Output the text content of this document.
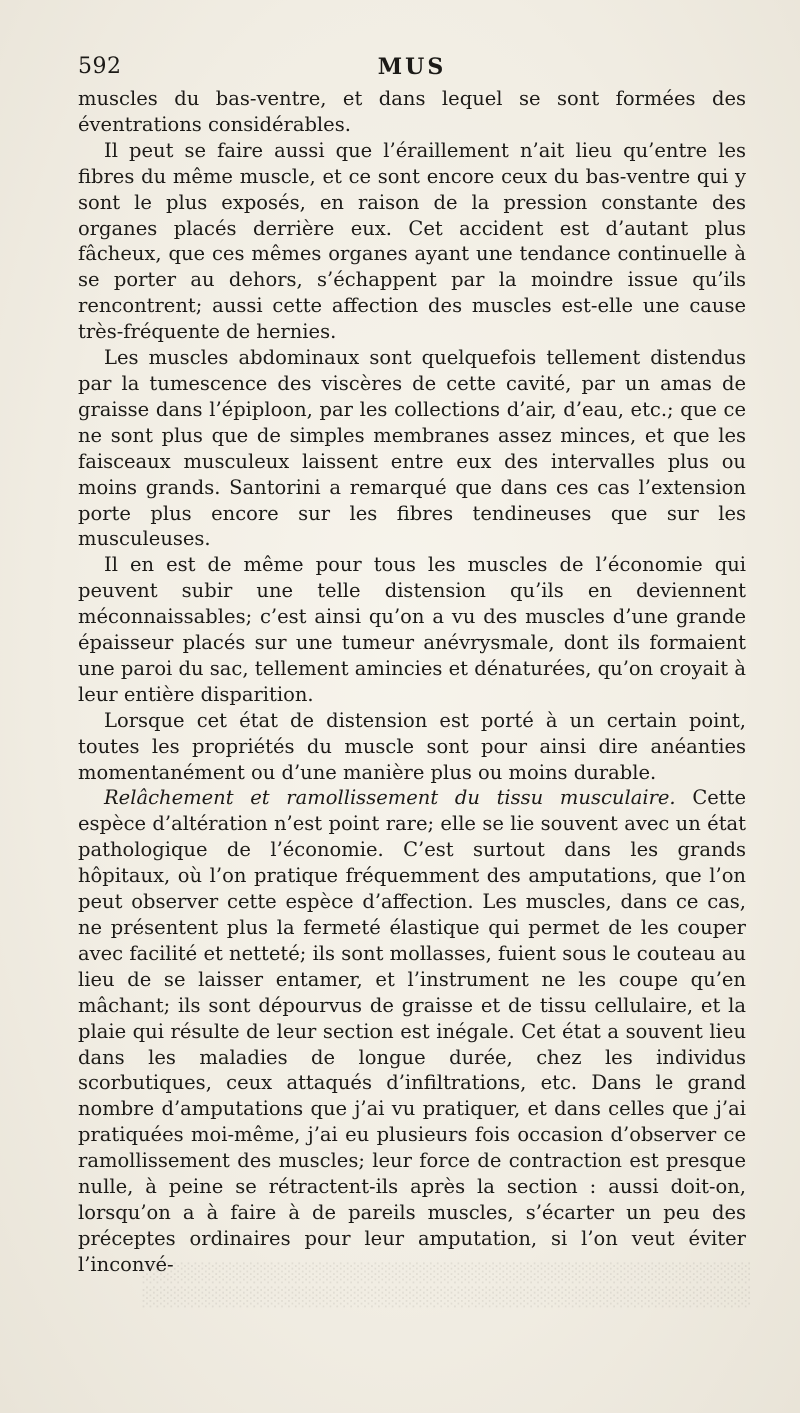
592	MUS

muscles du bas-ventre, et dans lequel se sont formées des éventrations considérables.

Il peut se faire aussi que l’éraillement n’ait lieu qu’entre les fibres du même muscle, et ce sont encore ceux du bas-ventre qui y sont le plus exposés, en raison de la pression constante des organes placés derrière eux. Cet accident est d’autant plus fâcheux, que ces mêmes organes ayant une tendance continuelle à se porter au dehors, s’échappent par la moindre issue qu’ils rencontrent; aussi cette affection des muscles est-elle une cause très-fréquente de hernies.

Les muscles abdominaux sont quelquefois tellement distendus par la tumescence des viscères de cette cavité, par un amas de graisse dans l’épiploon, par les collections d’air, d’eau, etc.; que ce ne sont plus que de simples membranes assez minces, et que les faisceaux musculeux laissent entre eux des intervalles plus ou moins grands. Santorini a remarqué que dans ces cas l’extension porte plus encore sur les fibres tendineuses que sur les musculeuses.

Il en est de même pour tous les muscles de l’économie qui peuvent subir une telle distension qu’ils en deviennent méconnaissables; c’est ainsi qu’on a vu des muscles d’une grande épaisseur placés sur une tumeur anévrysmale, dont ils formaient une paroi du sac, tellement amincies et dénaturées, qu’on croyait à leur entière disparition.

Lorsque cet état de distension est porté à un certain point, toutes les propriétés du muscle sont pour ainsi dire anéanties momentanément ou d’une manière plus ou moins durable.

Relâchement et ramollissement du tissu musculaire. Cette espèce d’altération n’est point rare; elle se lie souvent avec un état pathologique de l’économie. C’est surtout dans les grands hôpitaux, où l’on pratique fréquemment des amputations, que l’on peut observer cette espèce d’affection. Les muscles, dans ce cas, ne présentent plus la fermeté élastique qui permet de les couper avec facilité et netteté; ils sont mollasses, fuient sous le couteau au lieu de se laisser entamer, et l’instrument ne les coupe qu’en mâchant; ils sont dépourvus de graisse et de tissu cellulaire, et la plaie qui résulte de leur section est inégale. Cet état a souvent lieu dans les maladies de longue durée, chez les individus scorbutiques, ceux attaqués d’infiltrations, etc. Dans le grand nombre d’amputations que j’ai vu pratiquer, et dans celles que j’ai pratiquées moi-même, j’ai eu plusieurs fois occasion d’observer ce ramollissement des muscles; leur force de contraction est presque nulle, à peine se rétractent-ils après la section : aussi doit-on, lorsqu’on a à faire à de pareils muscles, s’écarter un peu des préceptes ordinaires pour leur amputation, si l’on veut éviter l’inconvé-

░░░░░░░░░░░░░░░░░░░░░░░░░░░░░░░░░░░░░░░░░░░░
░░░░░░░░░░░░░░░░░░░░░░░░░░░░░░░░░░░░░░░░░░░░
